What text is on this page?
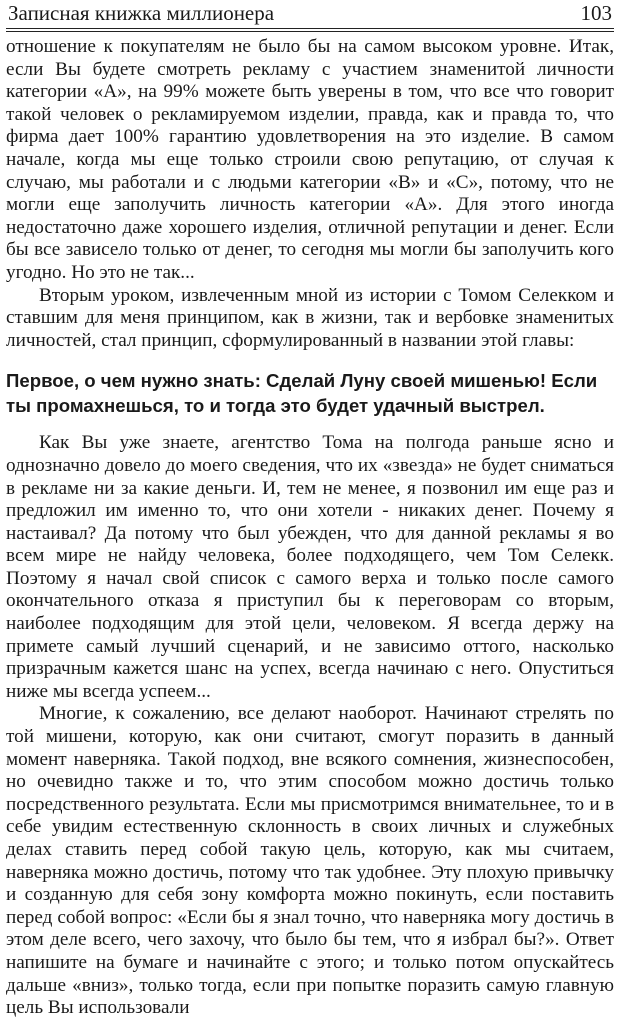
Записная книжка миллионера	103

отношение к покупателям не было бы на самом высоком уровне. Итак, если Вы будете смотреть рекламу с участием знаменитой личности категории «А», на 99% можете быть уверены в том, что все что говорит такой человек о рекламируемом изделии, правда, как и правда то, что фирма дает 100% гарантию удовлетворения на это изделие. В самом начале, когда мы еще только строили свою репутацию, от случая к случаю, мы работали и с людьми категории «В» и «С», потому, что не могли еще заполучить личность категории «А». Для этого иногда недостаточно даже хорошего изделия, отличной репутации и денег. Если бы все зависело только от денег, то сегодня мы могли бы заполучить кого угодно. Но это не так...

Вторым уроком, извлеченным мной из истории с Томом Селекком и ставшим для меня принципом, как в жизни, так и вербовке знаменитых личностей, стал принцип, сформулированный в названии этой главы:

Первое, о чем нужно знать: Сделай Луну своей мишенью! Если ты промахнешься, то и тогда это будет удачный выстрел.

Как Вы уже знаете, агентство Тома на полгода раньше ясно и однозначно довело до моего сведения, что их «звезда» не будет сниматься в рекламе ни за какие деньги. И, тем не менее, я позвонил им еще раз и предложил им именно то, что они хотели - никаких денег. Почему я настаивал? Да потому что был убежден, что для данной рекламы я во всем мире не найду человека, более подходящего, чем Том Селекк. Поэтому я начал свой список с самого верха и только после самого окончательного отказа я приступил бы к переговорам со вторым, наиболее подходящим для этой цели, человеком. Я всегда держу на примете самый лучший сценарий, и не зависимо оттого, насколько призрачным кажется шанс на успех, всегда начинаю с него. Опуститься ниже мы всегда успеем...

Многие, к сожалению, все делают наоборот. Начинают стрелять по той мишени, которую, как они считают, смогут поразить в данный момент наверняка. Такой подход, вне всякого сомнения, жизнеспособен, но очевидно также и то, что этим способом можно достичь только посредственного результата. Если мы присмотримся внимательнее, то и в себе увидим естественную склонность в своих личных и служебных делах ставить перед собой такую цель, которую, как мы считаем, наверняка можно достичь, потому что так удобнее. Эту плохую привычку и созданную для себя зону комфорта можно покинуть, если поставить перед собой вопрос: «Если бы я знал точно, что наверняка могу достичь в этом деле всего, чего захочу, что было бы тем, что я избрал бы?». Ответ напишите на бумаге и начинайте с этого; и только потом опускайтесь дальше «вниз», только тогда, если при попытке поразить самую главную цель Вы использовали
